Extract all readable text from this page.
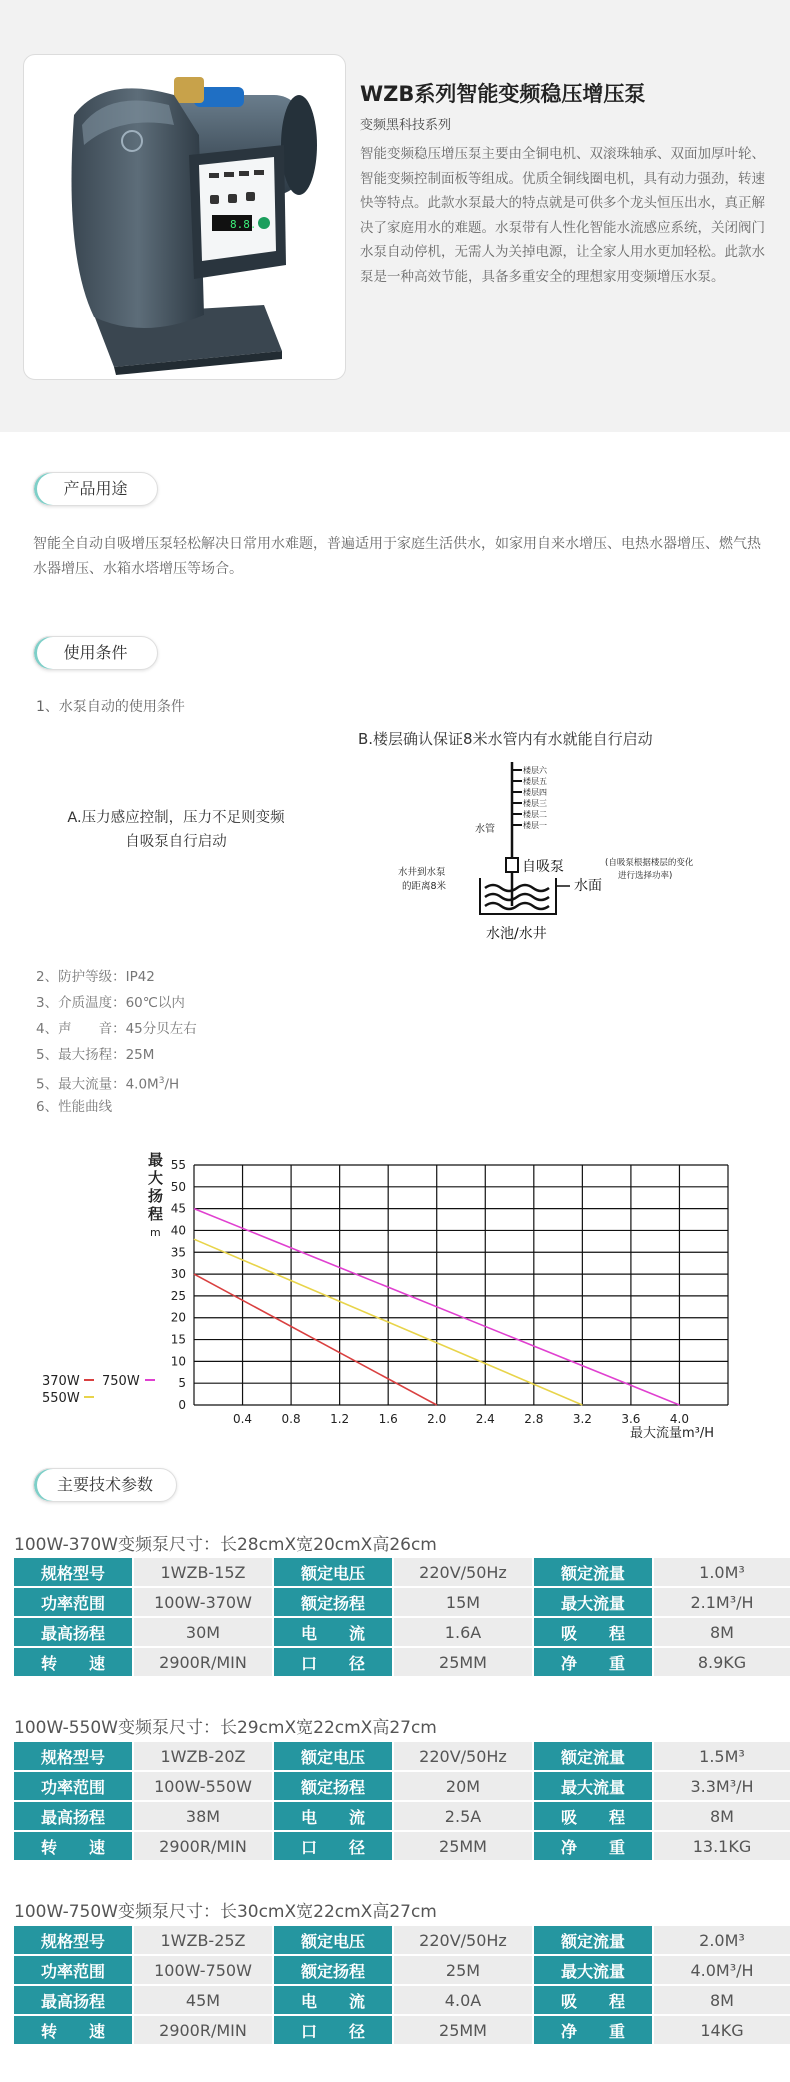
8.8.
WZB系列智能变频稳压增压泵
变频黑科技系列
智能变频稳压增压泵主要由全铜电机、双滚珠轴承、双面加厚叶轮、智能变频控制面板等组成。优质全铜线圈电机，具有动力强劲，转速快等特点。此款水泵最大的特点就是可供多个龙头恒压出水，真正解决了家庭用水的难题。水泵带有人性化智能水流感应系统，关闭阀门水泵自动停机，无需人为关掉电源，让全家人用水更加轻松。此款水泵是一种高效节能，具备多重安全的理想家用变频增压水泵。
产品用途
智能全自动自吸增压泵轻松解决日常用水难题，普遍适用于家庭生活供水，如家用自来水增压、电热水器增压、燃气热水器增压、水箱水塔增压等场合。
使用条件
1、水泵自动的使用条件
A.压力感应控制，压力不足则变频自吸泵自行启动
B.楼层确认保证8米水管内有水就能自行启动
楼层六
楼层五
楼层四
楼层三
楼层二
楼层一
水管
自吸泵	(自吸泵根据楼层的变化
进行选择功率)
水井到水泵
的距离8米	水面
水池/水井
2、防护等级：IP42
3、介质温度：60℃以内
4、声　　音：45分贝左右
5、最大扬程：25M
5、最大流量：$4.0M^3/H$
6、性能曲线
0
5
10
15
20
25
30
35
40
45
50
55
0.4 0.8 1.2 1.6 2.0 2.4 2.8 3.2 3.6 4.0
最
大
扬
程
m
最大流量m³/H
370W 750W
550W
主要技术参数
100W-370W变频泵尺寸：长28cmX宽20cmX高26cm
规格型号	1WZB-15Z	额定电压	220V/50Hz	额定流量	1.0M³
功率范围	100W-370W	额定扬程	15M	最大流量	2.1M³/H
最高扬程	30M	电　　流	1.6A	吸　　程	8M
转　　速	2900R/MIN	口　　径	25MM	净　　重	8.9KG
100W-550W变频泵尺寸：长29cmX宽22cmX高27cm
规格型号	1WZB-20Z	额定电压	220V/50Hz	额定流量	1.5M³
功率范围	100W-550W	额定扬程	20M	最大流量	3.3M³/H
最高扬程	38M	电　　流	2.5A	吸　　程	8M
转　　速	2900R/MIN	口　　径	25MM	净　　重	13.1KG
100W-750W变频泵尺寸：长30cmX宽22cmX高27cm
规格型号	1WZB-25Z	额定电压	220V/50Hz	额定流量	2.0M³
功率范围	100W-750W	额定扬程	25M	最大流量	4.0M³/H
最高扬程	45M	电　　流	4.0A	吸　　程	8M
转　　速	2900R/MIN	口　　径	25MM	净　　重	14KG
